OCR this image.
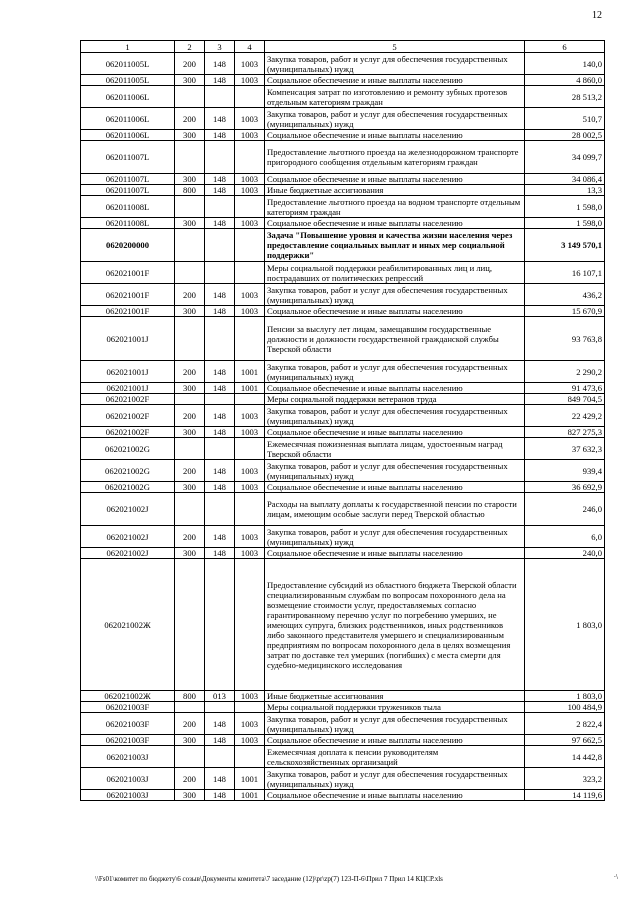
12
1	2	3	4	5	6
062011005L	200	148	1003	Закупка товаров, работ и услуг для обеспечения государственных (муниципальных) нужд	140,0
062011005L	300	148	1003	Социальное обеспечение и иные выплаты населению	4 860,0
062011006L				Компенсация затрат по изготовлению и ремонту зубных протезов отдельным категориям граждан	28 513,2
062011006L	200	148	1003	Закупка товаров, работ и услуг для обеспечения государственных (муниципальных) нужд	510,7
062011006L	300	148	1003	Социальное обеспечение и иные выплаты населению	28 002,5
062011007L				Предоставление льготного проезда на железнодорожном транспорте пригородного сообщения отдельным категориям граждан	34 099,7
062011007L	300	148	1003	Социальное обеспечение и иные выплаты населению	34 086,4
062011007L	800	148	1003	Иные бюджетные ассигнования	13,3
062011008L				Предоставление льготного проезда на водном транспорте отдельным категориям граждан	1 598,0
062011008L	300	148	1003	Социальное обеспечение и иные выплаты населению	1 598,0
0620200000				Задача "Повышение уровня и качества жизни населения через предоставление социальных выплат и иных мер социальной поддержки"	3 149 570,1
062021001F				Меры социальной поддержки реабилитированных лиц и лиц, пострадавших от политических репрессий	16 107,1
062021001F	200	148	1003	Закупка товаров, работ и услуг для обеспечения государственных (муниципальных) нужд	436,2
062021001F	300	148	1003	Социальное обеспечение и иные выплаты населению	15 670,9
062021001J				Пенсии за выслугу лет лицам, замещавшим государственные должности и должности государственной гражданской службы Тверской области	93 763,8
062021001J	200	148	1001	Закупка товаров, работ и услуг для обеспечения государственных (муниципальных) нужд	2 290,2
062021001J	300	148	1001	Социальное обеспечение и иные выплаты населению	91 473,6
062021002F				Меры социальной поддержки ветеранов труда	849 704,5
062021002F	200	148	1003	Закупка товаров, работ и услуг для обеспечения государственных (муниципальных) нужд	22 429,2
062021002F	300	148	1003	Социальное обеспечение и иные выплаты населению	827 275,3
062021002G				Ежемесячная пожизненная выплата лицам, удостоенным наград Тверской области	37 632,3
062021002G	200	148	1003	Закупка товаров, работ и услуг для обеспечения государственных (муниципальных) нужд	939,4
062021002G	300	148	1003	Социальное обеспечение и иные выплаты населению	36 692,9
062021002J				Расходы на выплату доплаты к государственной пенсии по старости лицам, имеющим особые заслуги перед Тверской областью	246,0
062021002J	200	148	1003	Закупка товаров, работ и услуг для обеспечения государственных (муниципальных) нужд	6,0
062021002J	300	148	1003	Социальное обеспечение и иные выплаты населению	240,0
062021002Ж				Предоставление субсидий из областного бюджета Тверской области специализированным службам по вопросам похоронного дела на возмещение стоимости услуг, предоставляемых согласно гарантированному перечню услуг по погребению умерших, не имеющих супруга, близких родственников, иных родственников либо законного представителя умершего и специализированным предприятиям по вопросам похоронного дела в целях возмещения затрат по доставке тел умерших (погибших) с места смерти для судебно-медицинского исследования	1 803,0
062021002Ж	800	013	1003	Иные бюджетные ассигнования	1 803,0
062021003F				Меры социальной поддержки тружеников тыла	100 484,9
062021003F	200	148	1003	Закупка товаров, работ и услуг для обеспечения государственных (муниципальных) нужд	2 822,4
062021003F	300	148	1003	Социальное обеспечение и иные выплаты населению	97 662,5
062021003J				Ежемесячная доплата к пенсии руководителям сельскохозяйственных организаций	14 442,8
062021003J	200	148	1001	Закупка товаров, работ и услуг для обеспечения государственных (муниципальных) нужд	323,2
062021003J	300	148	1001	Социальное обеспечение и иные выплаты населению	14 119,6
\\Fs01\комитет по бюджету\6 созыв\Документы комитета\7 заседание (12)\pr\zp(7) 123-П-6\Прил 7 Прил 14 КЦСР.xls	·\
